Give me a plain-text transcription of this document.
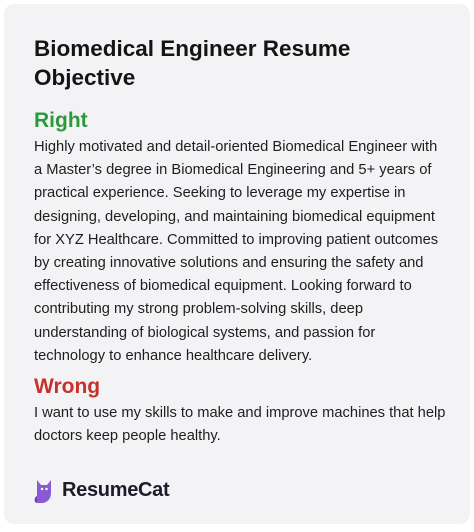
Biomedical Engineer Resume Objective
Right

Highly motivated and detail-oriented Biomedical Engineer with a Master’s degree in Biomedical Engineering and 5+ years of practical experience. Seeking to leverage my expertise in designing, developing, and maintaining biomedical equipment for XYZ Healthcare. Committed to improving patient outcomes by creating innovative solutions and ensuring the safety and effectiveness of biomedical equipment. Looking forward to contributing my strong problem-solving skills, deep understanding of biological systems, and passion for technology to enhance healthcare delivery.

Wrong

I want to use my skills to make and improve machines that help doctors keep people healthy.

ResumeCat
